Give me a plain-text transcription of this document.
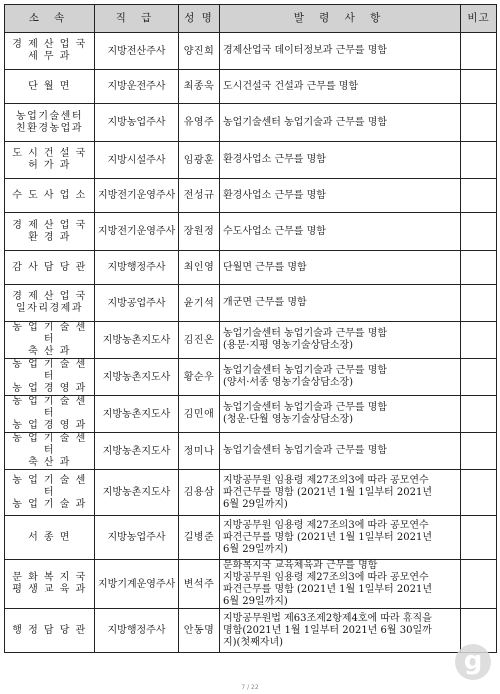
소 속	직 급	성 명	발 령 사 항	비고
경 제 산 업 국
세 무 과	지방전산주사	양진희	경제산업국 데이터정보과 근무를 명함	
단 월 면	지방운전주사	최종욱	도시건설국 건설과 근무를 명함	
농업기술센터
친환경농업과	지방농업주사	유영주	농업기술센터 농업기술과 근무를 명함	
도 시 건 설 국
허 가 과	지방시설주사	임광훈	환경사업소 근무를 명함	
수 도 사 업 소	지방전기운영주사	전성규	환경사업소 근무를 명함	
경 제 산 업 국
환 경 과	지방전기운영주사	장원정	수도사업소 근무를 명함	
감 사 담 당 관	지방행정주사	최인영	단월면 근무를 명함	
경 제 산 업 국
일자리경제과	지방공업주사	윤기석	개군면 근무를 명함	
농 업 기 술 센 터
축 산 과	지방농촌지도사	김진온	농업기술센터 농업기술과 근무를 명함
(용문·지평 영농기술상담소장)	
농 업 기 술 센 터
농 업 경 영 과	지방농촌지도사	황순우	농업기술센터 농업기술과 근무를 명함
(양서·서종 영농기술상담소장)	
농 업 기 술 센 터
농 업 경 영 과	지방농촌지도사	김민애	농업기술센터 농업기술과 근무를 명함
(청운·단월 영농기술상담소장)	
농 업 기 술 센 터
축 산 과	지방농촌지도사	정미나	농업기술센터 농업기술과 근무를 명함	
농 업 기 술 센 터
농 업 기 술 과	지방농촌지도사	김용삼	지방공무원 임용령 제27조의3에 따라 공모연수
파견근무를 명함 (2021년 1월 1일부터 2021년
6월 29일까지)	
서 종 면	지방농업주사	길병준	지방공무원 임용령 제27조의3에 따라 공모연수
파견근무를 명함 (2021년 1월 1일부터 2021년
6월 29일까지)	
문 화 복 지 국
평 생 교 육 과	지방기계운영주사	변석주	문화복지국 교육체육과 근무를 명함
지방공무원 임용령 제27조의3에 따라 공모연수
파견근무를 명함 (2021년 1월 1일부터 2021년
6월 29일까지)	
행 정 담 당 관	지방행정주사	안동명	지방공무원법 제63조제2항제4호에 따라 휴직을
명함(2021년 1월 1일부터 2021년 6월 30일까
지)(첫째자녀)	
7 / 22
g
